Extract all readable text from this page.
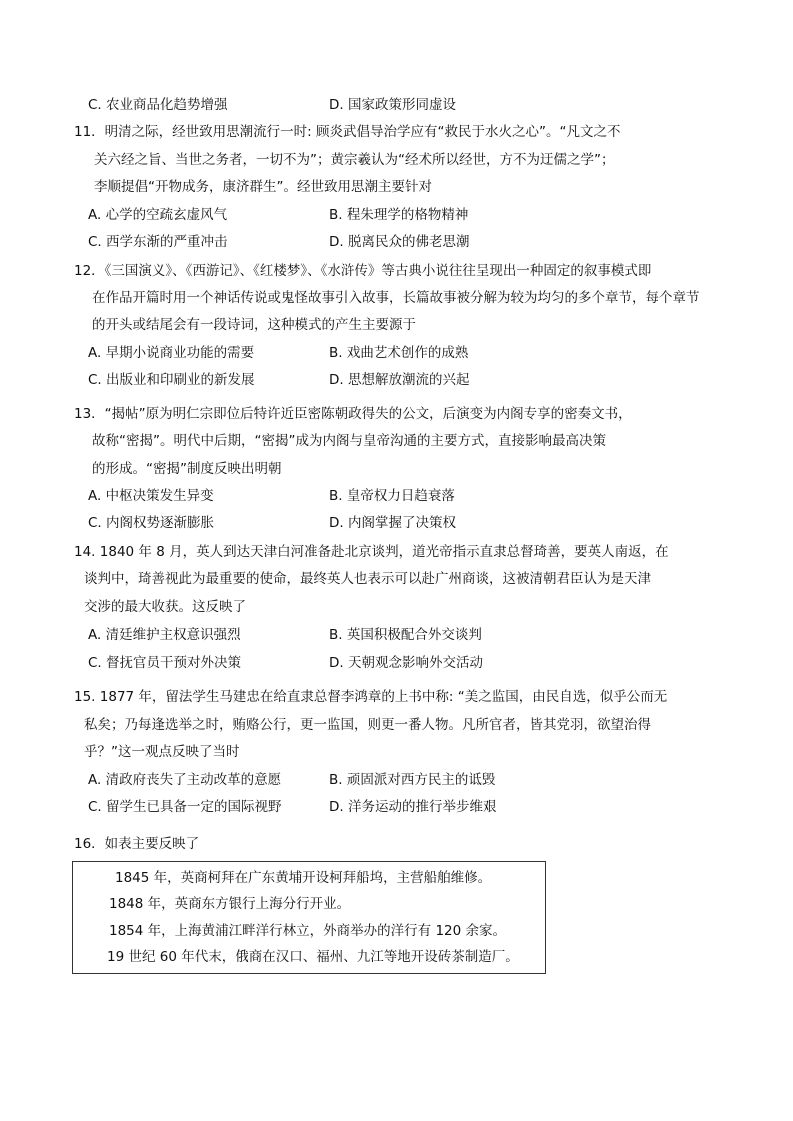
C. 农业商品化趋势增强	D. 国家政策形同虚设
11．明清之际，经世致用思潮流行一时: 顾炎武倡导治学应有“救民于水火之心”。“凡文之不
关六经之旨、当世之务者，一切不为”；黄宗羲认为“经术所以经世，方不为迂儒之学”；
李顺提倡“开物成务，康济群生”。经世致用思潮主要针对
A. 心学的空疏玄虚风气	B. 程朱理学的格物精神
C. 西学东渐的严重冲击	D. 脱离民众的佛老思潮
12．《三国演义》、《西游记》、《红楼梦》、《水浒传》等古典小说往往呈现出一种固定的叙事模式即
在作品开篇时用一个神话传说或鬼怪故事引入故事，长篇故事被分解为较为均匀的多个章节，每个章节
的开头或结尾会有一段诗词，这种模式的产生主要源于
A. 早期小说商业功能的需要	B. 戏曲艺术创作的成熟
C. 出版业和印刷业的新发展	D. 思想解放潮流的兴起
13．“揭帖”原为明仁宗即位后特许近臣密陈朝政得失的公文，后演变为内阁专享的密奏文书，
故称“密揭”。明代中后期，“密揭”成为内阁与皇帝沟通的主要方式，直接影响最高决策
的形成。“密揭”制度反映出明朝
A. 中枢决策发生异变	B. 皇帝权力日趋衰落
C. 内阁权势逐渐膨胀	D. 内阁掌握了决策权
14. 1840 年 8 月，英人到达天津白河准备赴北京谈判，道光帝指示直隶总督琦善，要英人南返，在
谈判中，琦善视此为最重要的使命，最终英人也表示可以赴广州商谈，这被清朝君臣认为是天津
交涉的最大收获。这反映了
A. 清廷维护主权意识强烈	B. 英国积极配合外交谈判
C. 督抚官员干预对外决策	D. 天朝观念影响外交活动
15. 1877 年，留法学生马建忠在给直隶总督李鸿章的上书中称: “美之监国，由民自选，似乎公而无
私矣；乃每逢选举之时，贿赂公行，更一监国，则更一番人物。凡所官者，皆其党羽，欲望治得
乎？”这一观点反映了当时
A. 清政府丧失了主动改革的意愿	B. 顽固派对西方民主的诋毁
C. 留学生已具备一定的国际视野	D. 洋务运动的推行举步维艰
16．如表主要反映了
1845 年，英商柯拜在广东黄埔开设柯拜船坞，主营船舶维修。
1848 年，英商东方银行上海分行开业。
1854 年，上海黄浦江畔洋行林立，外商举办的洋行有 120 余家。
19 世纪 60 年代末，俄商在汉口、福州、九江等地开设砖茶制造厂。
